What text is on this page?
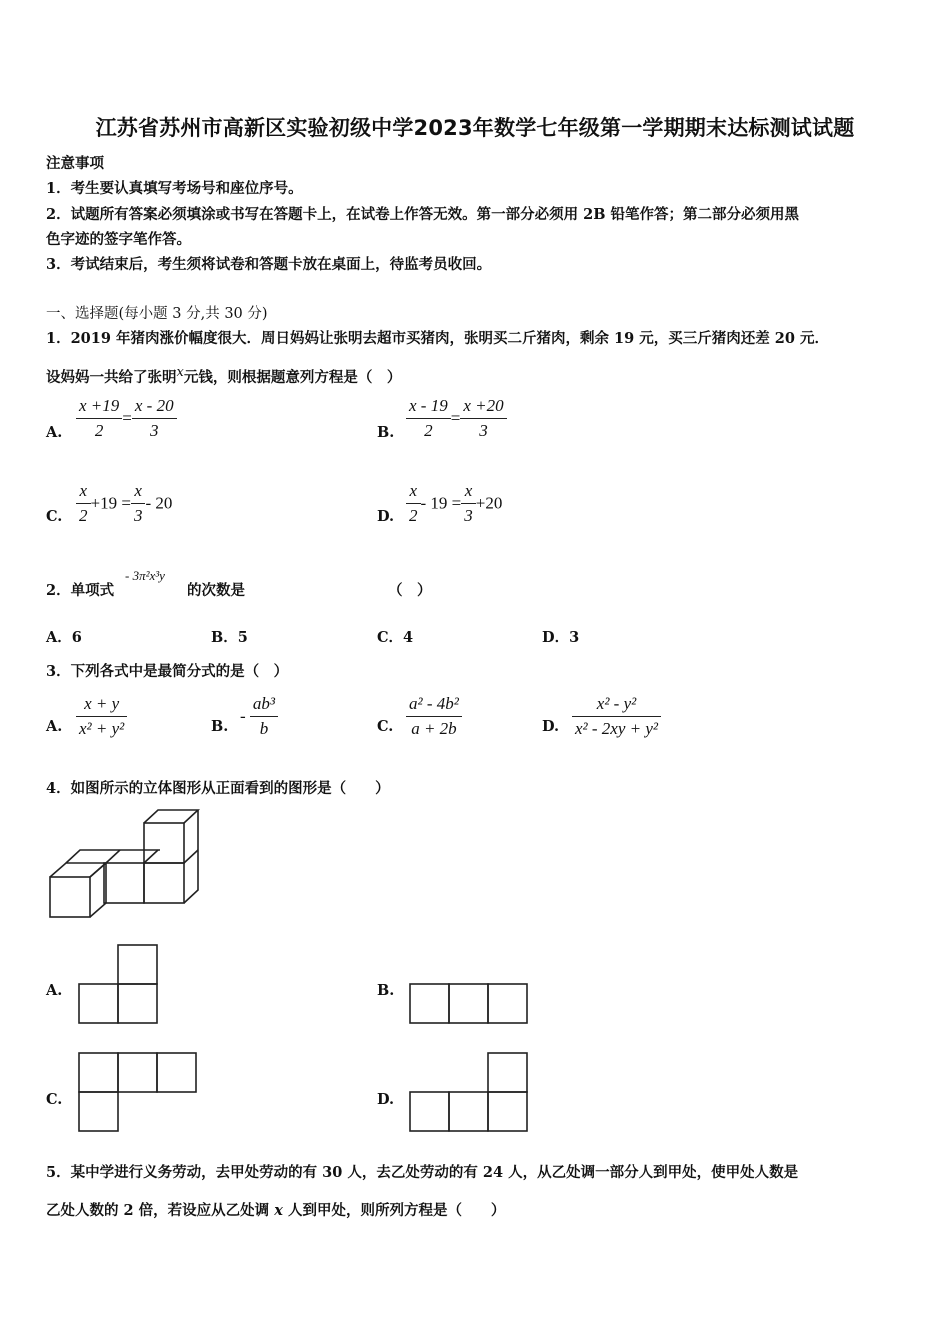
江苏省苏州市高新区实验初级中学2023年数学七年级第一学期期末达标测试试题
注意事项
1．考生要认真填写考场号和座位序号。
2．试题所有答案必须填涂或书写在答题卡上，在试卷上作答无效。第一部分必须用 2B 铅笔作答；第二部分必须用黑
色字迹的签字笔作答。
3．考试结束后，考生须将试卷和答题卡放在桌面上，待监考员收回。
一、选择题(每小题 3 分,共 30 分)
1．2019 年猪肉涨价幅度很大．周日妈妈让张明去超市买猪肉，张明买二斤猪肉，剩余 19 元，买三斤猪肉还差 20 元．
设妈妈一共给了张明$^x$元钱，则根据题意列方程是（　）
A. $\frac{x +19}{2} = \frac{x - 20}{3}$	B. $\frac{x - 19}{2} = \frac{x +20}{3}$
C. $\frac{x}{2} +19 = \frac{x}{3} - 20$
D. $\frac{x}{2} - 19 = \frac{x}{3} +20$
2．单项式
- 3π²x³y
的次数是	（　）
A．6	B．5	C．4	D．3
3．下列各式中是最简分式的是（　）
A. $\frac{x + y}{\text{x² + y²}}$	B.
- $\frac{\text{ab³}}{b}$	C. $\frac{\text{a² - 4b²}}{a + 2b}$	D. $\frac{\text{x² - y²}}{\text{x² - 2xy + y²}}$
4．如图所示的立体图形从正面看到的图形是（　　）
A.	B.
C.	D.
5．某中学进行义务劳动，去甲处劳动的有 30 人，去乙处劳动的有 24 人，从乙处调一部分人到甲处，使甲处人数是
乙处人数的 2 倍，若设应从乙处调 x 人到甲处，则所列方程是（　　）
